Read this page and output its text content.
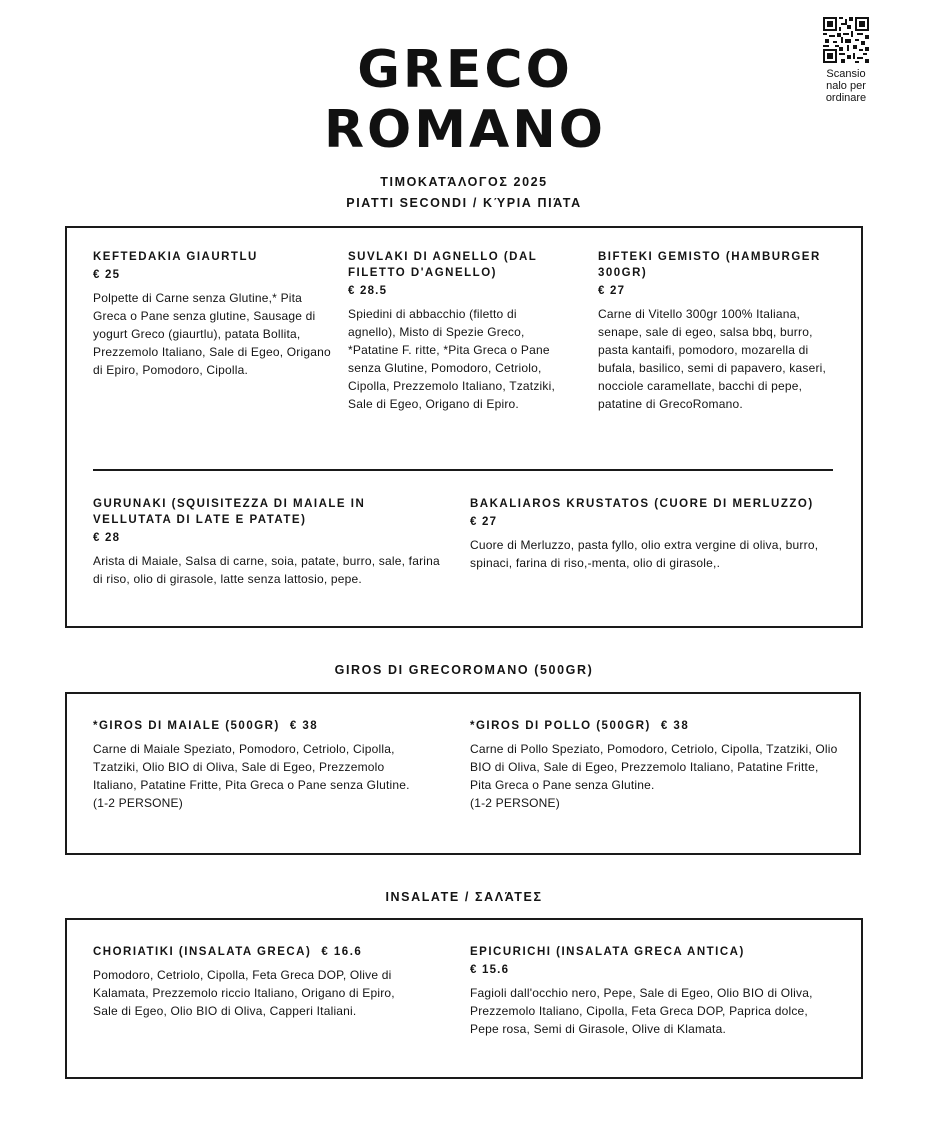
GRECO
ROMANO
Scansio
nalo per
ordinare
ΤΙΜΟΚΑΤΆΛΟΓΟΣ 2025
PIATTI SECONDI / ΚΎΡΙΑ ΠΙΆΤΑ
KEFTEDAKIA GIAURTLU
€ 25
Polpette di Carne senza Glutine,* Pita Greca o Pane senza glutine, Sausage di yogurt Greco (giaurtlu), patata Bollita, Prezzemolo Italiano, Sale di Egeo, Origano di Epiro, Pomodoro, Cipolla.
SUVLAKI DI AGNELLO (DAL FILETTO D'AGNELLO)
€ 28.5
Spiedini di abbacchio (filetto di agnello), Misto di Spezie Greco, *Patatine F. ritte, *Pita Greca o Pane senza Glutine, Pomodoro, Cetriolo, Cipolla, Prezzemolo Italiano, Tzatziki, Sale di Egeo, Origano di Epiro.
BIFTEKI GEMISTO (HAMBURGER 300GR)
€ 27
Carne di Vitello 300gr 100% Italiana, senape, sale di egeo, salsa bbq, burro, pasta kantaifi, pomodoro, mozarella di bufala, basilico, semi di papavero, kaseri, nocciole caramellate, bacchi di pepe, patatine di GrecoRomano.
GURUNAKI (SQUISITEZZA DI MAIALE IN VELLUTATA DI LATE E PATATE)
€ 28
Arista di Maiale, Salsa di carne, soia, patate, burro, sale, farina di riso, olio di girasole, latte senza lattosio, pepe.
BAKALIAROS KRUSTATOS (CUORE DI MERLUZZO)
€ 27
Cuore di Merluzzo, pasta fyllo, olio extra vergine di oliva, burro, spinaci, farina di riso,-menta, olio di girasole,.
GIROS DI GRECOROMANO (500GR)
*GIROS DI MAIALE (500GR) € 38
Carne di Maiale Speziato, Pomodoro, Cetriolo, Cipolla, Tzatziki, Olio BIO di Oliva, Sale di Egeo, Prezzemolo Italiano, Patatine Fritte, Pita Greca o Pane senza Glutine.
(1-2 PERSONE)
*GIROS DI POLLO (500GR) € 38
Carne di Pollo Speziato, Pomodoro, Cetriolo, Cipolla, Tzatziki, Olio BIO di Oliva, Sale di Egeo, Prezzemolo Italiano, Patatine Fritte, Pita Greca o Pane senza Glutine.
(1-2 PERSONE)
INSALATE / ΣΑΛΆΤΕΣ
CHORIATIKI (INSALATA GRECA) € 16.6
Pomodoro, Cetriolo, Cipolla, Feta Greca DOP, Olive di Kalamata, Prezzemolo riccio Italiano, Origano di Epiro, Sale di Egeo, Olio BIO di Oliva, Capperi Italiani.
EPICURICHI (INSALATA GRECA ANTICA)
€ 15.6
Fagioli dall'occhio nero, Pepe, Sale di Egeo, Olio BIO di Oliva, Prezzemolo Italiano, Cipolla, Feta Greca DOP, Paprica dolce, Pepe rosa, Semi di Girasole, Olive di Klamata.
